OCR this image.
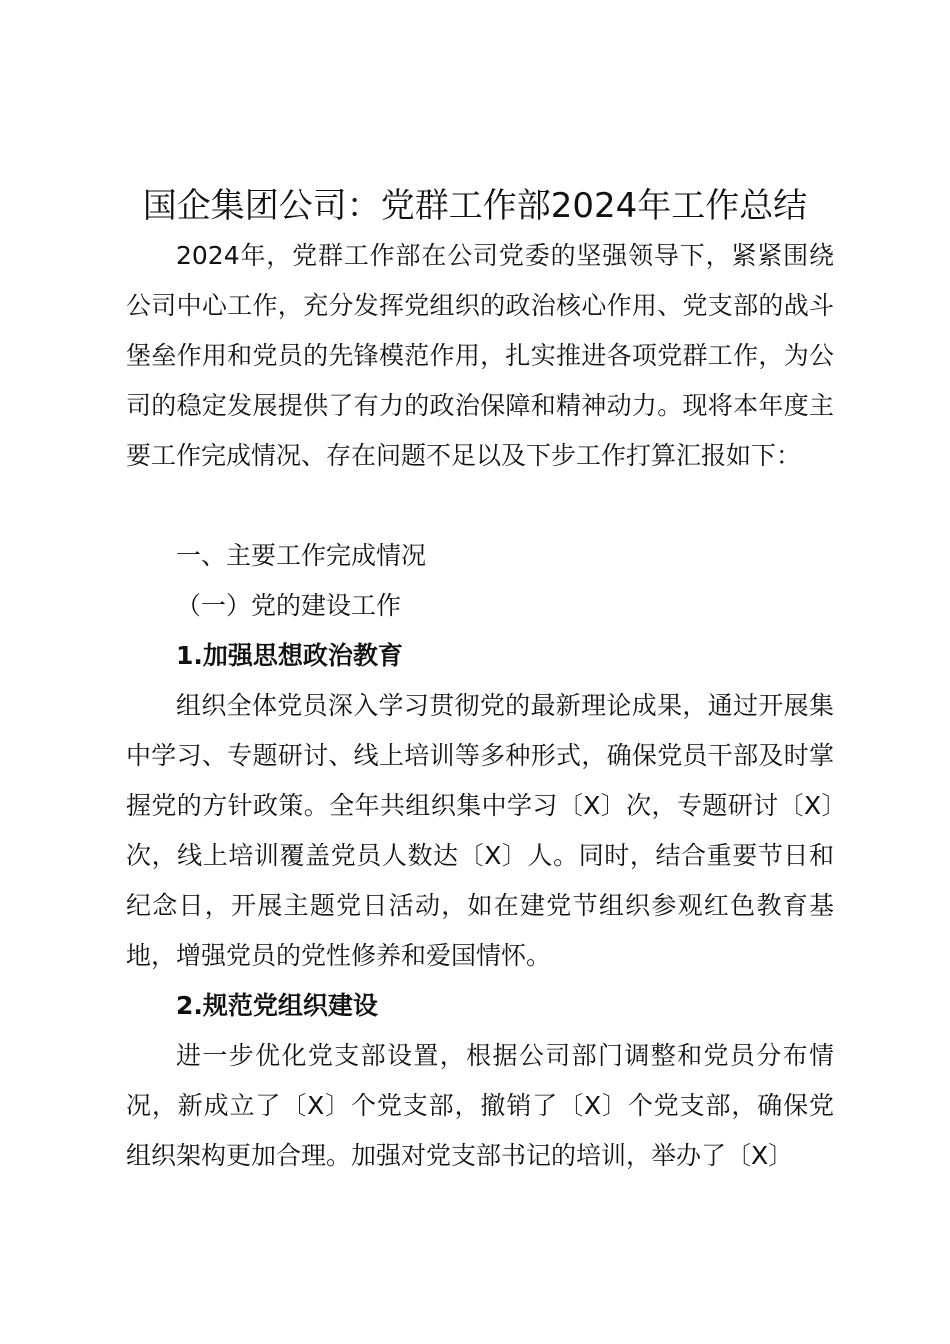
国企集团公司：党群工作部2024年工作总结

2024年，党群工作部在公司党委的坚强领导下，紧紧围绕公司中心工作，充分发挥党组织的政治核心作用、党支部的战斗堡垒作用和党员的先锋模范作用，扎实推进各项党群工作，为公司的稳定发展提供了有力的政治保障和精神动力。现将本年度主要工作完成情况、存在问题不足以及下步工作打算汇报如下：

一、主要工作完成情况

（一）党的建设工作

1.加强思想政治教育

组织全体党员深入学习贯彻党的最新理论成果，通过开展集中学习、专题研讨、线上培训等多种形式，确保党员干部及时掌握党的方针政策。全年共组织集中学习〔X〕次，专题研讨〔X〕次，线上培训覆盖党员人数达〔X〕人。同时，结合重要节日和纪念日，开展主题党日活动，如在建党节组织参观红色教育基地，增强党员的党性修养和爱国情怀。

2.规范党组织建设

进一步优化党支部设置，根据公司部门调整和党员分布情况，新成立了〔X〕个党支部，撤销了〔X〕个党支部，确保党组织架构更加合理。加强对党支部书记的培训，举办了〔X〕
